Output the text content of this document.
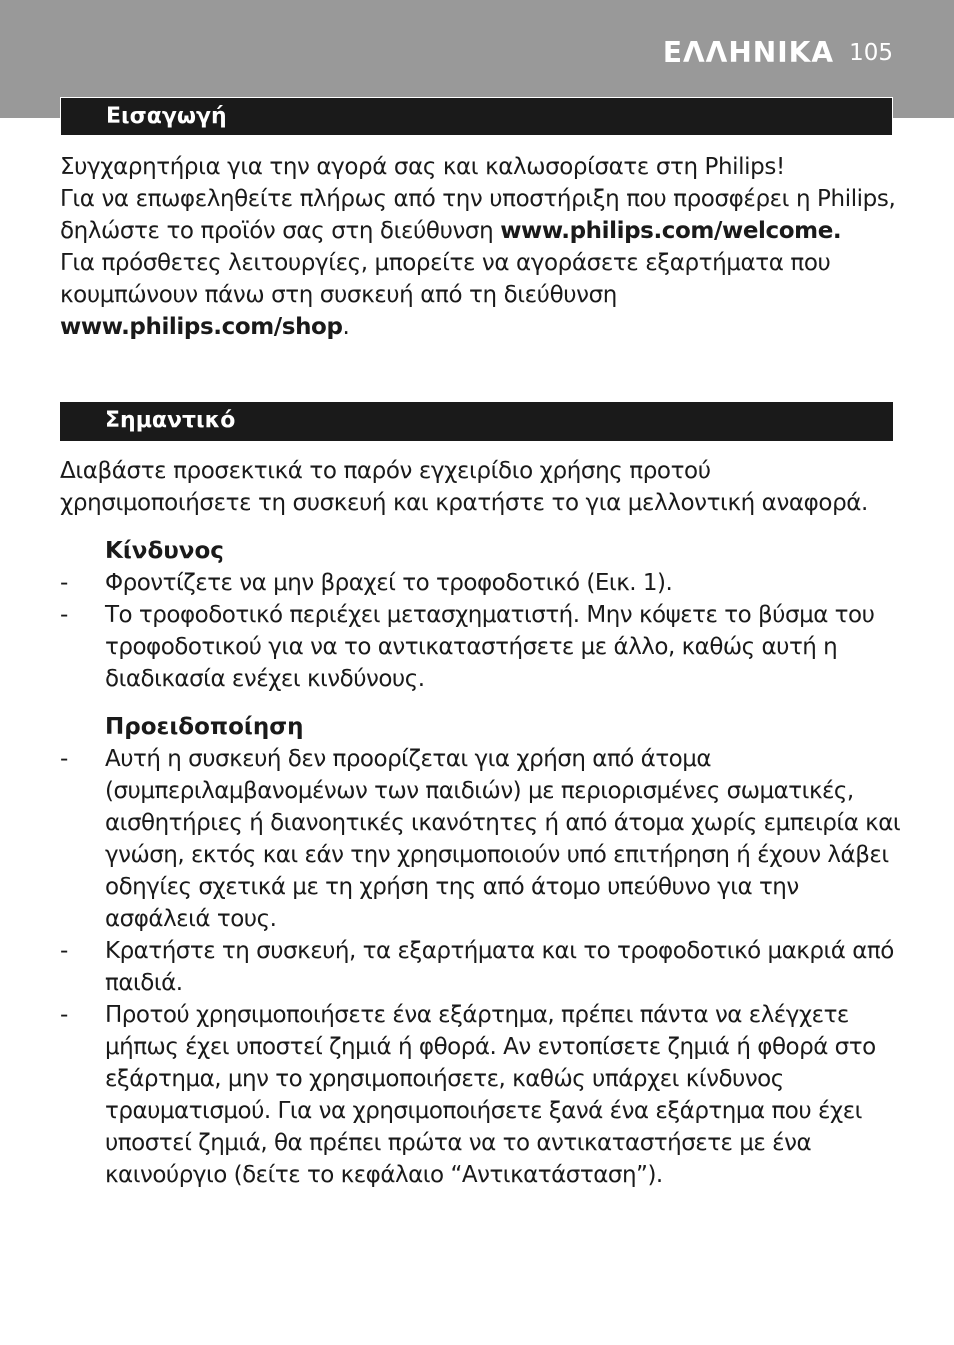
ΕΛΛΗΝΙΚΑ 105
Εισαγωγή

Συγχαρητήρια για την αγορά σας και καλωσορίσατε στη Philips!

Για να επωφεληθείτε πλήρως από την υποστήριξη που προσφέρει η Philips, δηλώστε το προϊόν σας στη διεύθυνση www.philips.com/welcome.

Για πρόσθετες λειτουργίες, μπορείτε να αγοράσετε εξαρτήματα που κουμπώνουν πάνω στη συσκευή από τη διεύθυνση www.philips.com/shop.

Σημαντικό

Διαβάστε προσεκτικά το παρόν εγχειρίδιο χρήσης προτού χρησιμοποιήσετε τη συσκευή και κρατήστε το για μελλοντική αναφορά.

Κίνδυνος
- Φροντίζετε να μην βραχεί το τροφοδοτικό (Εικ. 1).
- Το τροφοδοτικό περιέχει μετασχηματιστή. Μην κόψετε το βύσμα του τροφοδοτικού για να το αντικαταστήσετε με άλλο, καθώς αυτή η διαδικασία ενέχει κινδύνους.
Προειδοποίηση
- Αυτή η συσκευή δεν προορίζεται για χρήση από άτομα (συμπεριλαμβανομένων των παιδιών) με περιορισμένες σωματικές, αισθητήριες ή διανοητικές ικανότητες ή από άτομα χωρίς εμπειρία και γνώση, εκτός και εάν την χρησιμοποιούν υπό επιτήρηση ή έχουν λάβει οδηγίες σχετικά με τη χρήση της από άτομο υπεύθυνο για την ασφάλειά τους.
- Κρατήστε τη συσκευή, τα εξαρτήματα και το τροφοδοτικό μακριά από παιδιά.
- Προτού χρησιμοποιήσετε ένα εξάρτημα, πρέπει πάντα να ελέγχετε μήπως έχει υποστεί ζημιά ή φθορά. Αν εντοπίσετε ζημιά ή φθορά στο εξάρτημα, μην το χρησιμοποιήσετε, καθώς υπάρχει κίνδυνος τραυματισμού. Για να χρησιμοποιήσετε ξανά ένα εξάρτημα που έχει υποστεί ζημιά, θα πρέπει πρώτα να το αντικαταστήσετε με ένα καινούργιο (δείτε το κεφάλαιο “Αντικατάσταση”).
